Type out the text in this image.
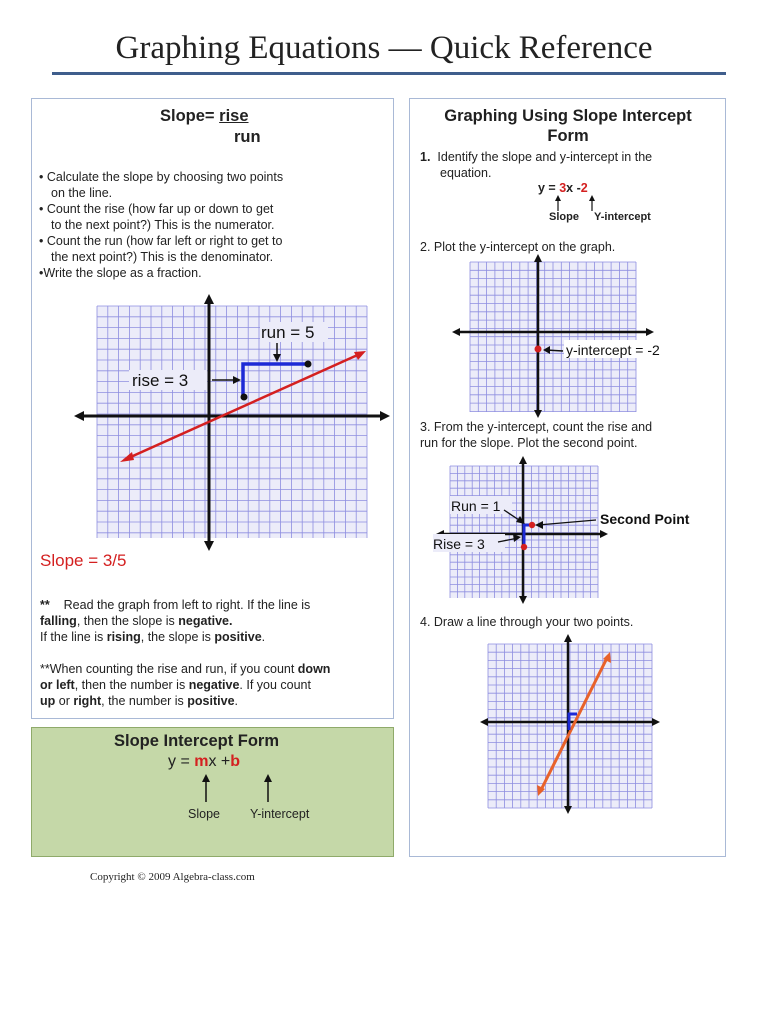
Graphing Equations — Quick Reference
Slope= rise
run
• Calculate the slope by choosing two points
on the line.
• Count the rise (how far up or down to get
to the next point?) This is the numerator.
• Count the run (how far left or right to get to
the next point?) This is the denominator.
•Write the slope as a fraction.
run = 5
rise = 3
Slope = 3/5
** Read the graph from left to right. If the line is
falling, then the slope is negative.
If the line is rising, the slope is positive.
**When counting the rise and run, if you count down
or left, then the number is negative. If you count
up or right, the number is positive.
Slope Intercept Form
y = mx +b
Slope Y-intercept
Graphing Using Slope Intercept
Form
1. Identify the slope and y-intercept in the
equation.
y = 3x -2
Slope Y-intercept
2. Plot the y-intercept on the graph.
y-intercept = -2
3. From the y-intercept, count the rise and
run for the slope. Plot the second point.
Run = 1
Rise = 3
Second Point
4. Draw a line through your two points.
Copyright © 2009 Algebra-class.com
